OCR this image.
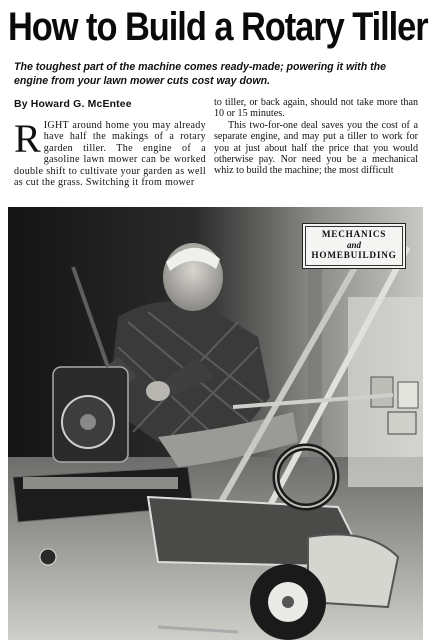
How to Build a Rotary Tiller
The toughest part of the machine comes ready-made; powering it with the engine from your lawn mower cuts cost way down.
By Howard G. McEntee
RIGHT around home you may already have half the makings of a rotary garden tiller. The engine of a gasoline lawn mower can be worked double shift to cultivate your garden as well as cut the grass. Switching it from mower

to tiller, or back again, should not take more than 10 or 15 minutes.

This two-for-one deal saves you the cost of a separate engine, and may put a tiller to work for you at just about half the price that you would otherwise pay. Nor need you be a mechanical whiz to build the machine; the most difficult

MECHANICS
and
HOMEBUILDING
